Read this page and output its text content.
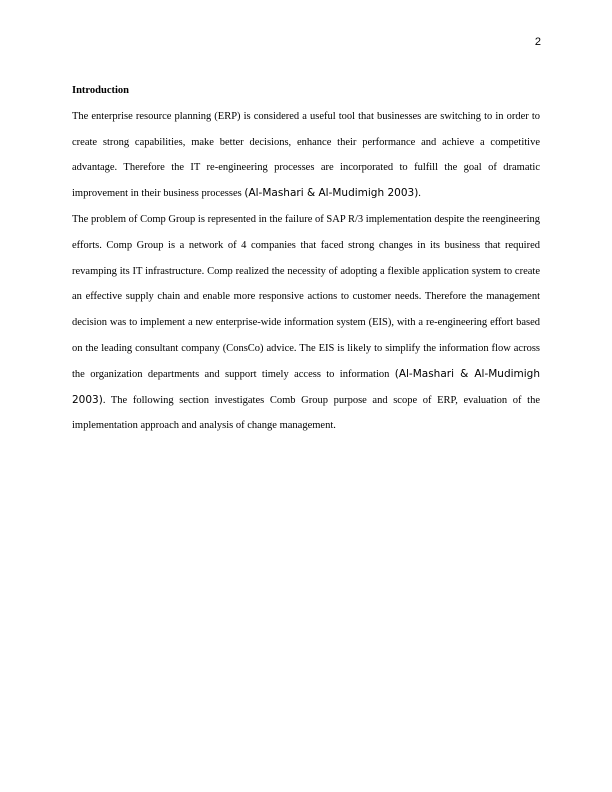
2

Introduction

The enterprise resource planning (ERP) is considered a useful tool that businesses are switching to in order to create strong capabilities, make better decisions, enhance their performance and achieve a competitive advantage. Therefore the IT re-engineering processes are incorporated to fulfill the goal of dramatic improvement in their business processes (Al-Mashari & Al-Mudimigh 2003).

The problem of Comp Group is represented in the failure of SAP R/3 implementation despite the reengineering efforts. Comp Group is a network of 4 companies that faced strong changes in its business that required revamping its IT infrastructure. Comp realized the necessity of adopting a flexible application system to create an effective supply chain and enable more responsive actions to customer needs. Therefore the management decision was to implement a new enterprise-wide information system (EIS), with a re-engineering effort based on the leading consultant company (ConsCo) advice. The EIS is likely to simplify the information flow across the organization departments and support timely access to information (Al-Mashari & Al-Mudimigh 2003). The following section investigates Comb Group purpose and scope of ERP, evaluation of the implementation approach and analysis of change management.
